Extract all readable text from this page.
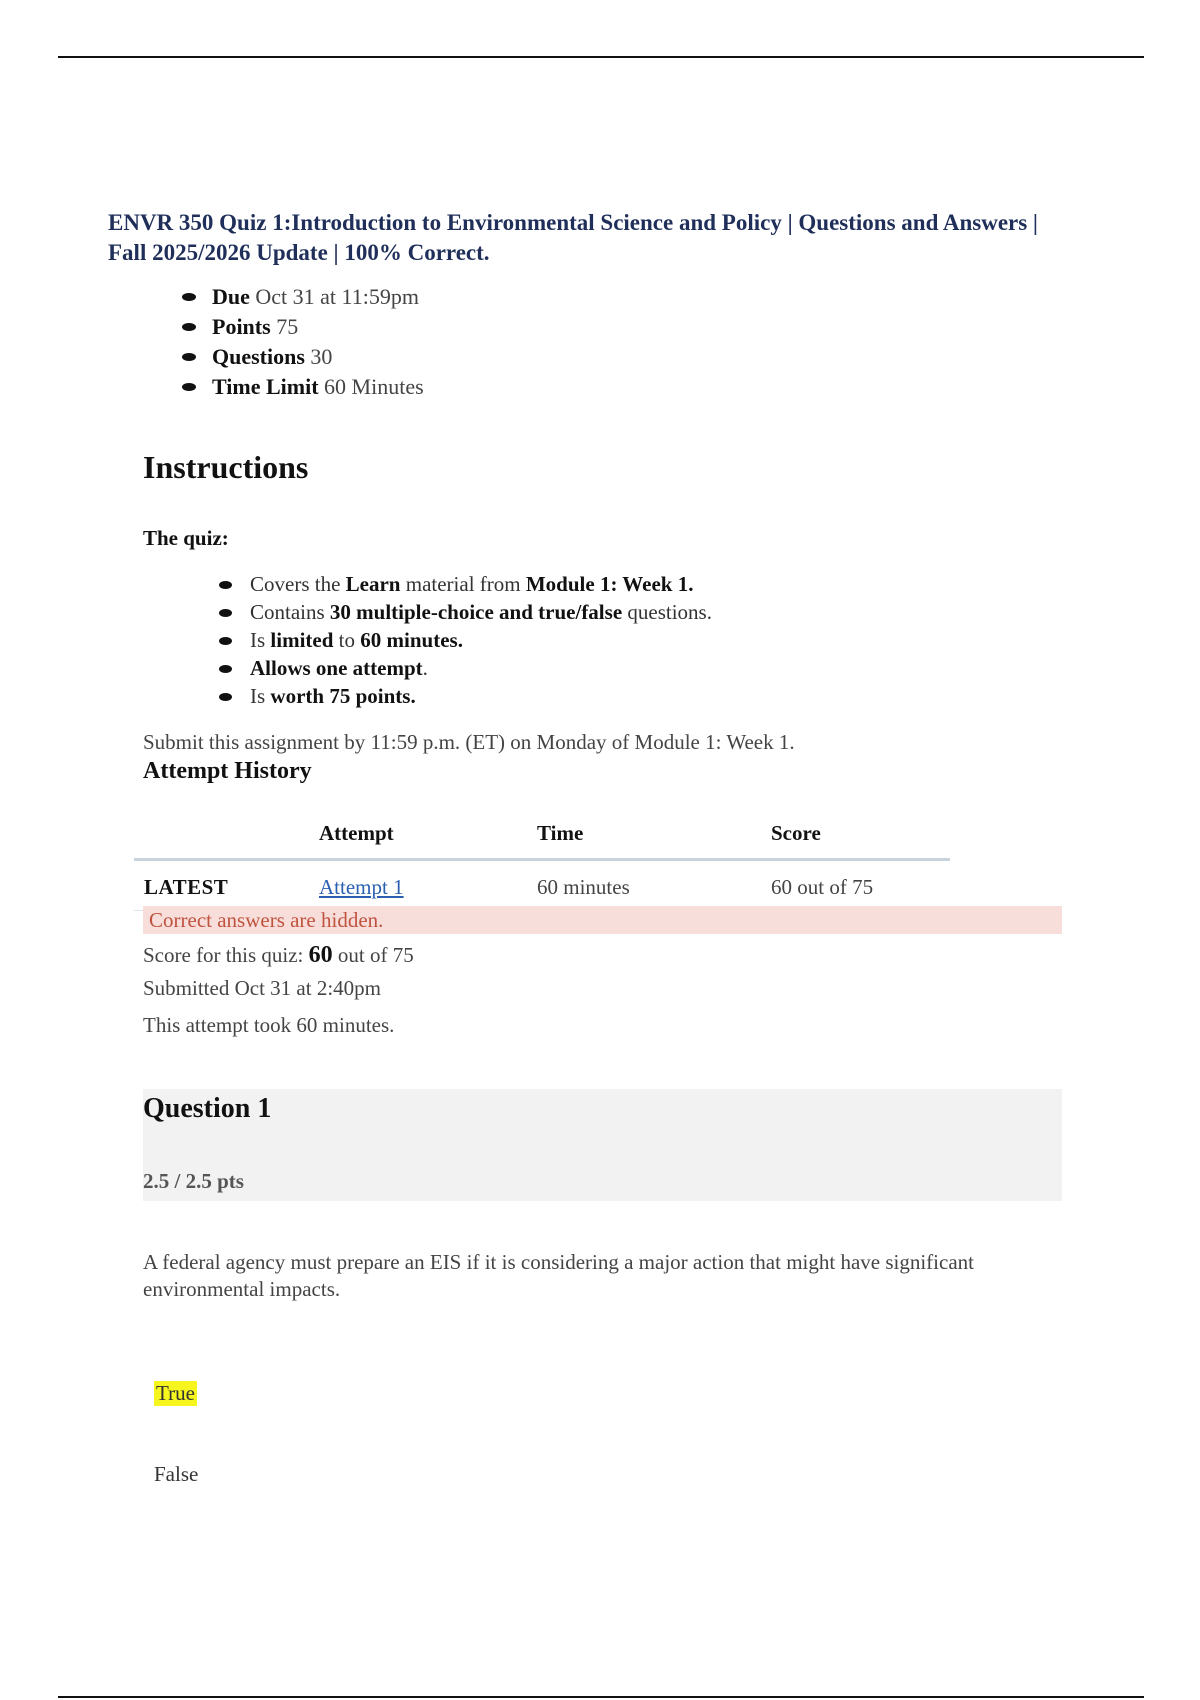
ENVR 350 Quiz 1:Introduction to Environmental Science and Policy | Questions and Answers | Fall 2025/2026 Update | 100% Correct.
Due Oct 31 at 11:59pm
Points 75
Questions 30
Time Limit 60 Minutes
Instructions
The quiz:
Covers the Learn material from Module 1: Week 1.
Contains 30 multiple-choice and true/false questions.
Is limited to 60 minutes.
Allows one attempt.
Is worth 75 points.
Submit this assignment by 11:59 p.m. (ET) on Monday of Module 1: Week 1.
Attempt History
	Attempt	Time	Score
LATEST	Attempt 1	60 minutes	60 out of 75
Correct answers are hidden.
Score for this quiz: 60 out of 75
Submitted Oct 31 at 2:40pm
This attempt took 60 minutes.
Question 1
2.5 / 2.5 pts
A federal agency must prepare an EIS if it is considering a major action that might have significant environmental impacts.
True
False
